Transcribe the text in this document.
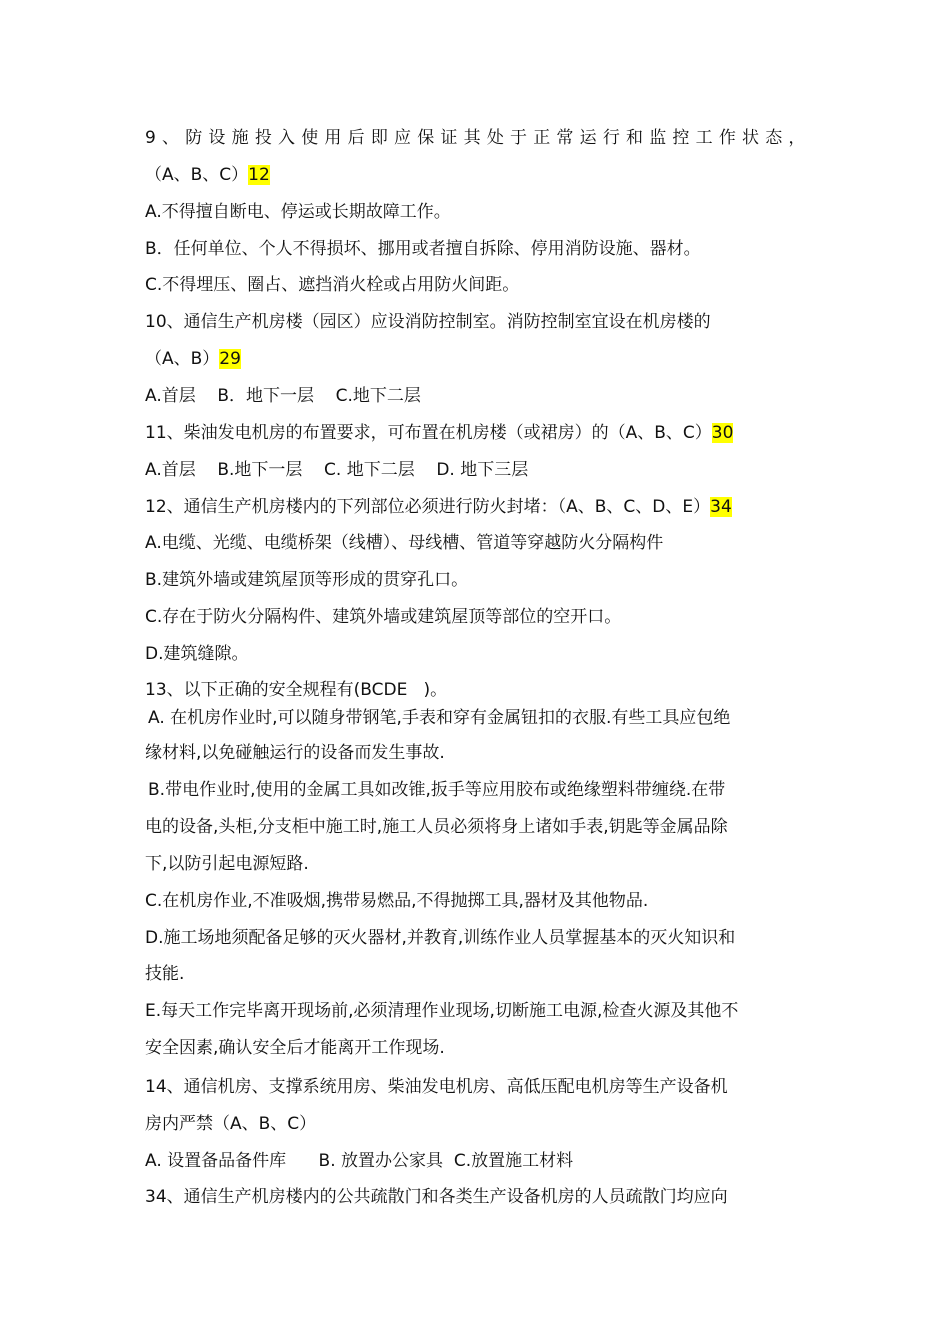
9、防设施投入使用后即应保证其处于正常运行和监控工作状态，
（A、B、C）12
A.不得擅自断电、停运或长期故障工作。
B．任何单位、个人不得损坏、挪用或者擅自拆除、停用消防设施、器材。
C.不得埋压、圈占、遮挡消火栓或占用防火间距。
10、通信生产机房楼（园区）应设消防控制室。消防控制室宜设在机房楼的
（A、B）29
A.首层    B．地下一层    C.地下二层
11、柴油发电机房的布置要求，可布置在机房楼（或裙房）的（A、B、C）30
A.首层    B.地下一层    C. 地下二层    D. 地下三层
12、通信生产机房楼内的下列部位必须进行防火封堵：（A、B、C、D、E）34
A.电缆、光缆、电缆桥架（线槽）、母线槽、管道等穿越防火分隔构件
B.建筑外墙或建筑屋顶等形成的贯穿孔口。
C.存在于防火分隔构件、建筑外墙或建筑屋顶等部位的空开口。
D.建筑缝隙。
13、以下正确的安全规程有(BCDE   )。
A. 在机房作业时,可以随身带钢笔,手表和穿有金属钮扣的衣服.有些工具应包绝
缘材料,以免碰触运行的设备而发生事故.
B.带电作业时,使用的金属工具如改锥,扳手等应用胶布或绝缘塑料带缠绕.在带
电的设备,头柜,分支柜中施工时,施工人员必须将身上诸如手表,钥匙等金属品除
下,以防引起电源短路.
C.在机房作业,不准吸烟,携带易燃品,不得抛掷工具,器材及其他物品.
D.施工场地须配备足够的灭火器材,并教育,训练作业人员掌握基本的灭火知识和
技能.
E.每天工作完毕离开现场前,必须清理作业现场,切断施工电源,检查火源及其他不
安全因素,确认安全后才能离开工作现场.
14、通信机房、支撑系统用房、柴油发电机房、高低压配电机房等生产设备机
房内严禁（A、B、C）
A. 设置备品备件库      B. 放置办公家具  C.放置施工材料
34、通信生产机房楼内的公共疏散门和各类生产设备机房的人员疏散门均应向
